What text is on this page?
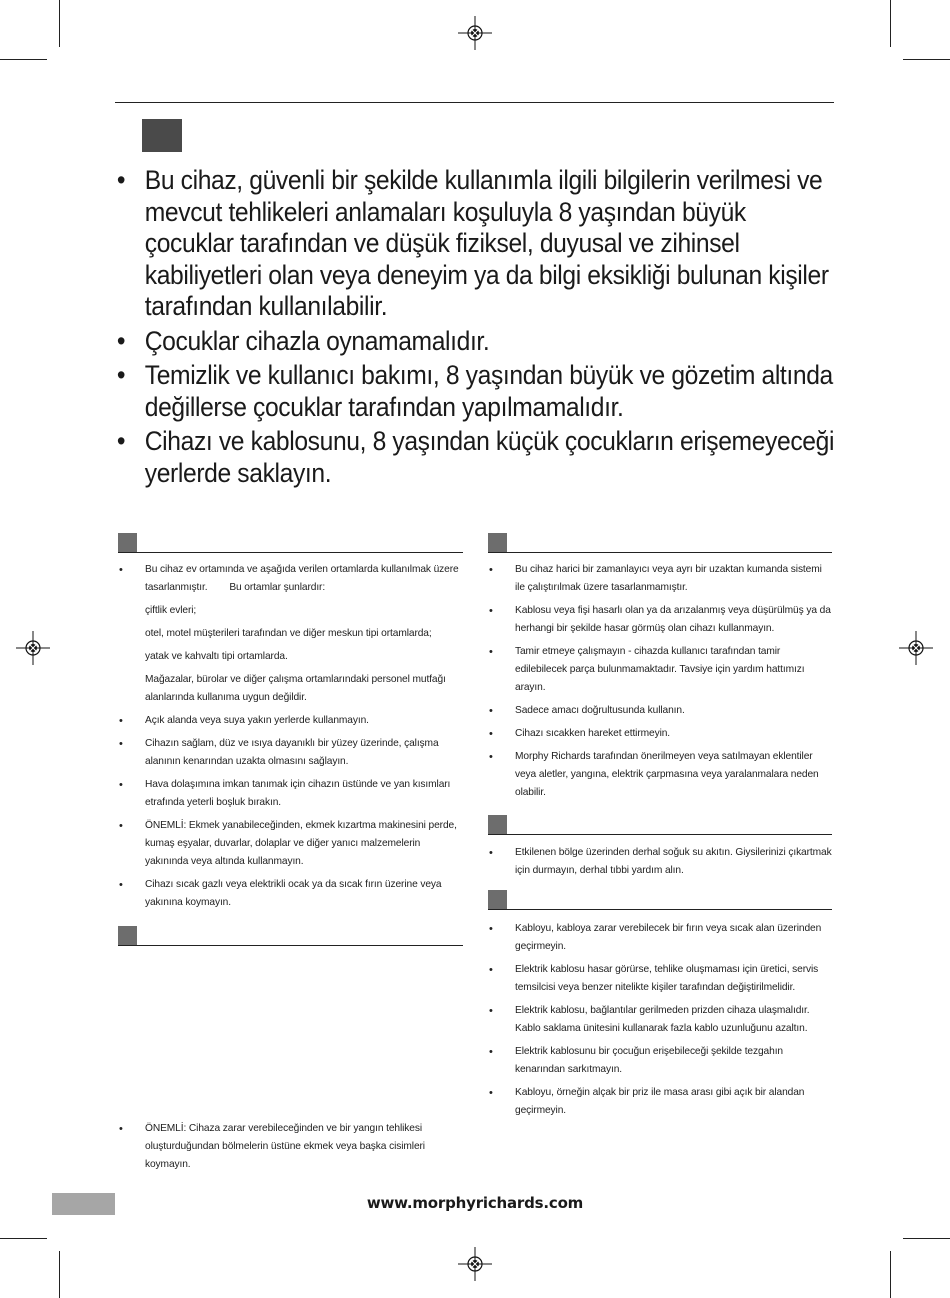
• Bu cihaz, güvenli bir şekilde kullanımla ilgili bilgilerin verilmesi ve mevcut tehlikeleri anlamaları koşuluyla 8 yaşından büyük çocuklar tarafından ve düşük fiziksel, duyusal ve zihinsel kabiliyetleri olan veya deneyim ya da bilgi eksikliği bulunan kişiler tarafından kullanılabilir.
• Çocuklar cihazla oynamamalıdır.
• Temizlik ve kullanıcı bakımı, 8 yaşından büyük ve gözetim altında değillerse çocuklar tarafından yapılmamalıdır.
• Cihazı ve kablosunu, 8 yaşından küçük çocukların erişemeyeceği yerlerde saklayın.
• Bu cihaz ev ortamında ve aşağıda verilen ortamlarda kullanılmak üzere tasarlanmıştır.        Bu ortamlar şunlardır:
çiftlik evleri;
otel, motel müşterileri tarafından ve diğer meskun tipi ortamlarda;
yatak ve kahvaltı tipi ortamlarda.
Mağazalar, bürolar ve diğer çalışma ortamlarındaki personel mutfağı alanlarında kullanıma uygun değildir.
• Açık alanda veya suya yakın yerlerde kullanmayın.
• Cihazın sağlam, düz ve ısıya dayanıklı bir yüzey üzerinde, çalışma alanının kenarından uzakta olmasını sağlayın.
• Hava dolaşımına imkan tanımak için cihazın üstünde ve yan kısımları etrafında yeterli boşluk bırakın.
• ÖNEMLİ: Ekmek yanabileceğinden, ekmek kızartma makinesini perde, kumaş eşyalar, duvarlar, dolaplar ve diğer yanıcı malzemelerin yakınında veya altında kullanmayın.
• Cihazı sıcak gazlı veya elektrikli ocak ya da sıcak fırın üzerine veya yakınına koymayın.
• ÖNEMLİ: Cihaza zarar verebileceğinden ve bir yangın tehlikesi oluşturduğundan bölmelerin üstüne ekmek veya başka cisimleri koymayın.
• Bu cihaz harici bir zamanlayıcı veya ayrı bir uzaktan kumanda sistemi ile çalıştırılmak üzere tasarlanmamıştır.
• Kablosu veya fişi hasarlı olan ya da arızalanmış veya düşürülmüş ya da herhangi bir şekilde hasar görmüş olan cihazı kullanmayın.
• Tamir etmeye çalışmayın - cihazda kullanıcı tarafından tamir edilebilecek parça bulunmamaktadır. Tavsiye için yardım hattımızı arayın.
• Sadece amacı doğrultusunda kullanın.
• Cihazı sıcakken hareket ettirmeyin.
• Morphy Richards tarafından önerilmeyen veya satılmayan eklentiler veya aletler, yangına, elektrik çarpmasına veya yaralanmalara neden olabilir.
• Etkilenen bölge üzerinden derhal soğuk su akıtın. Giysilerinizi çıkartmak için durmayın, derhal tıbbi yardım alın.
• Kabloyu, kabloya zarar verebilecek bir fırın veya sıcak alan üzerinden geçirmeyin.
• Elektrik kablosu hasar görürse, tehlike oluşmaması için üretici, servis temsilcisi veya benzer nitelikte kişiler tarafından değiştirilmelidir.
• Elektrik kablosu, bağlantılar gerilmeden prizden cihaza ulaşmalıdır. Kablo saklama ünitesini kullanarak fazla kablo uzunluğunu azaltın.
• Elektrik kablosunu bir çocuğun erişebileceği şekilde tezgahın kenarından sarkıtmayın.
• Kabloyu, örneğin alçak bir priz ile masa arası gibi açık bir alandan geçirmeyin.
www.morphyrichards.com
